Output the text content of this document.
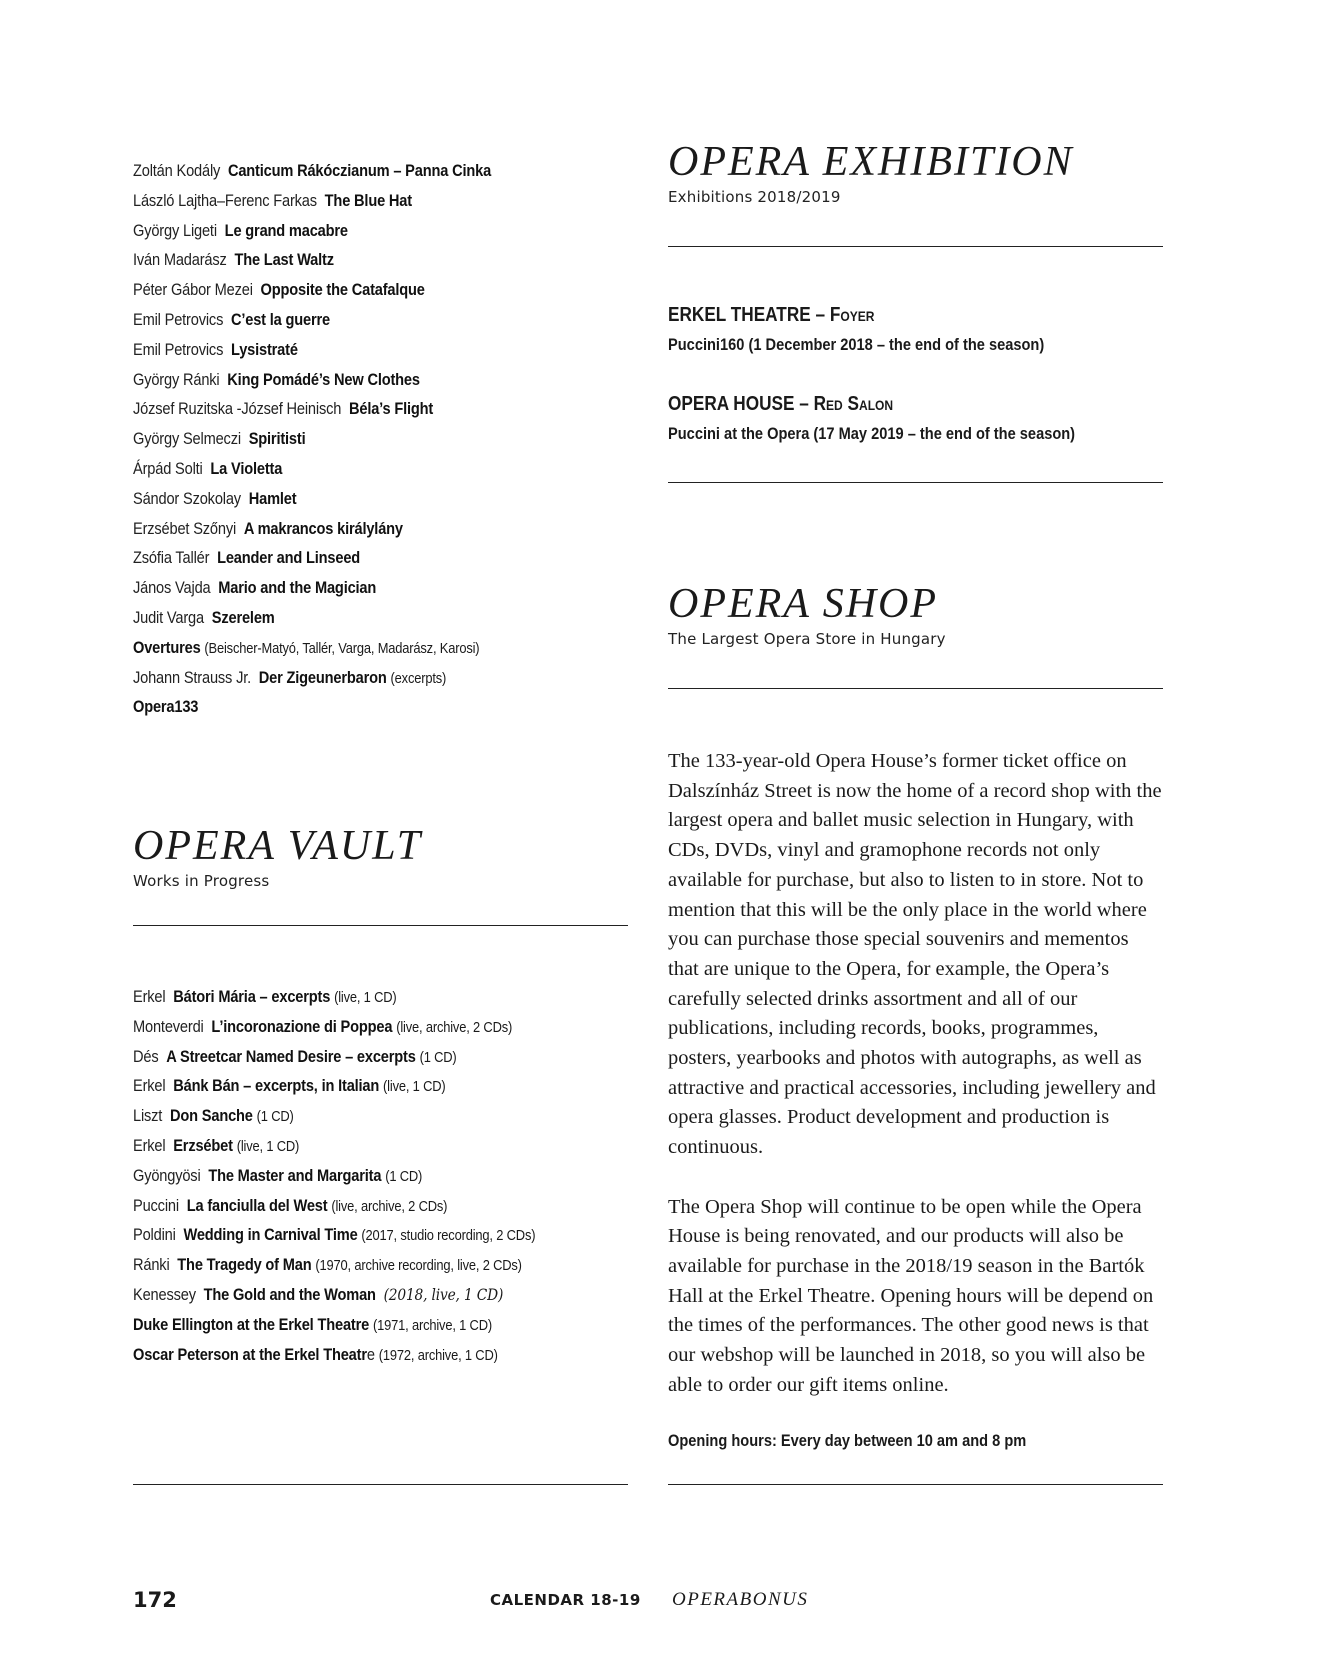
Zoltán Kodály Canticum Rákóczianum – Panna Cinka
László Lajtha–Ferenc Farkas The Blue Hat
György Ligeti Le grand macabre
Iván Madarász The Last Waltz
Péter Gábor Mezei Opposite the Catafalque
Emil Petrovics C’est la guerre
Emil Petrovics Lysistraté
György Ránki King Pomádé’s New Clothes
József Ruzitska -József Heinisch Béla’s Flight
György Selmeczi Spiritisti
Árpád Solti La Violetta
Sándor Szokolay Hamlet
Erzsébet Szőnyi A makrancos királylány
Zsófia Tallér Leander and Linseed
János Vajda Mario and the Magician
Judit Varga Szerelem
Overtures (Beischer-Matyó, Tallér, Varga, Madarász, Karosi)
Johann Strauss Jr. Der Zigeunerbaron (excerpts)
Opera133
OPERA VAULT
Works in Progress
Erkel Bátori Mária – excerpts (live, 1 CD)
Monteverdi L’incoronazione di Poppea (live, archive, 2 CDs)
Dés A Streetcar Named Desire – excerpts (1 CD)
Erkel Bánk Bán – excerpts, in Italian (live, 1 CD)
Liszt Don Sanche (1 CD)
Erkel Erzsébet (live, 1 CD)
Gyöngyösi The Master and Margarita (1 CD)
Puccini La fanciulla del West (live, archive, 2 CDs)
Poldini Wedding in Carnival Time (2017, studio recording, 2 CDs)
Ránki The Tragedy of Man (1970, archive recording, live, 2 CDs)
Kenessey The Gold and the Woman (2018, live, 1 CD)
Duke Ellington at the Erkel Theatre (1971, archive, 1 CD)
Oscar Peterson at the Erkel Theatre (1972, archive, 1 CD)
OPERA EXHIBITION
Exhibitions 2018/2019
ERKEL THEATRE – Foyer
Puccini160 (1 December 2018 – the end of the season)
OPERA HOUSE – Red Salon
Puccini at the Opera (17 May 2019 – the end of the season)
OPERA SHOP
The Largest Opera Store in Hungary

The 133-year-old Opera House’s former ticket office on Dalszínház Street is now the home of a record shop with the largest opera and ballet music selection in Hungary, with CDs, DVDs, vinyl and gramophone records not only available for purchase, but also to listen to in store. Not to mention that this will be the only place in the world where you can purchase those special souvenirs and mementos that are unique to the Opera, for example, the Opera’s carefully selected drinks assortment and all of our publications, including records, books, programmes, posters, yearbooks and photos with autographs, as well as attractive and practical accessories, including jewellery and opera glasses. Product development and production is continuous.

The Opera Shop will continue to be open while the Opera House is being renovated, and our products will also be available for purchase in the 2018/19 season in the Bartók Hall at the Erkel Theatre. Opening hours will be depend on the times of the performances. The other good news is that our webshop will be launched in 2018, so you will also be able to order our gift items online.

Opening hours: Every day between 10 am and 8 pm
172	CALENDAR 18-19 OPERABONUS
